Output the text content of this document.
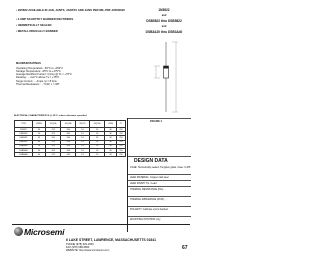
• 1N5822 AVAILABLE IN JAN, JANTX, JANTXV AND JANS PER MIL-PRF-19500/620
• 3 AMP SCHOTTKY BARRIER RECTIFIERS
• HERMETICALLY SEALED
• METALLURGICALLY BONDED
1N5822
and
DSB5822 thru DSB5822
and
DSB3A20 thru DSB3A40
MAXIMUM RATINGS
Operating Temperature: -65°C to +150°C
Storage Temperature: -65°C to +175°C
Average Rectified Current: 3 Amp @ TL = +75°C
Derating: ... mA/°C above TL = +75°C
Surge Current: ... Amps, tp = 8.3ms
Thermal Resistance: ... °C/W, L = 3/8"
ELECTRICAL CHARACTERISTICS @ 25°C, unless otherwise specified
TYPE	VRRM	VF@1A	VF@3A	IR@25	IR@100	IFSM	CJ
1N5822	40	.525	.950	2.0	20	80	250
DSB5820	20	.475	.850	2.0	20	80	250
DSB5821	30	.500	.900	2.0	20	80	250
DSB5822	40	.525	.950	2.0	20	80	250
DSB3A20	20	.475	.850	2.0	20	80	250
DSB3A30	30	.500	.900	2.0	20	80	250
DSB3A40	40	.525	.950	2.0	20	80	250
FIGURE 1
DESIGN DATA
CASE: Hermetically sealed, Tungsten glass, Case: 0.105
LEAD MATERIAL: Copper clad steel
LEAD FINISH: Tin / Lead
THERMAL RESISTANCE (θJL): ...
THERMAL IMPEDANCE (ZθJX): ...
POLARITY: Cathode end is banded.
MOUNTING POSITION: Any
Microsemi
6 LAKE STREET, LAWRENCE, MASSACHUSETTS 01841
PHONE (978) 620-2600
FAX (978) 689-0803
WEBSITE: http://www.microsemi.com	67
